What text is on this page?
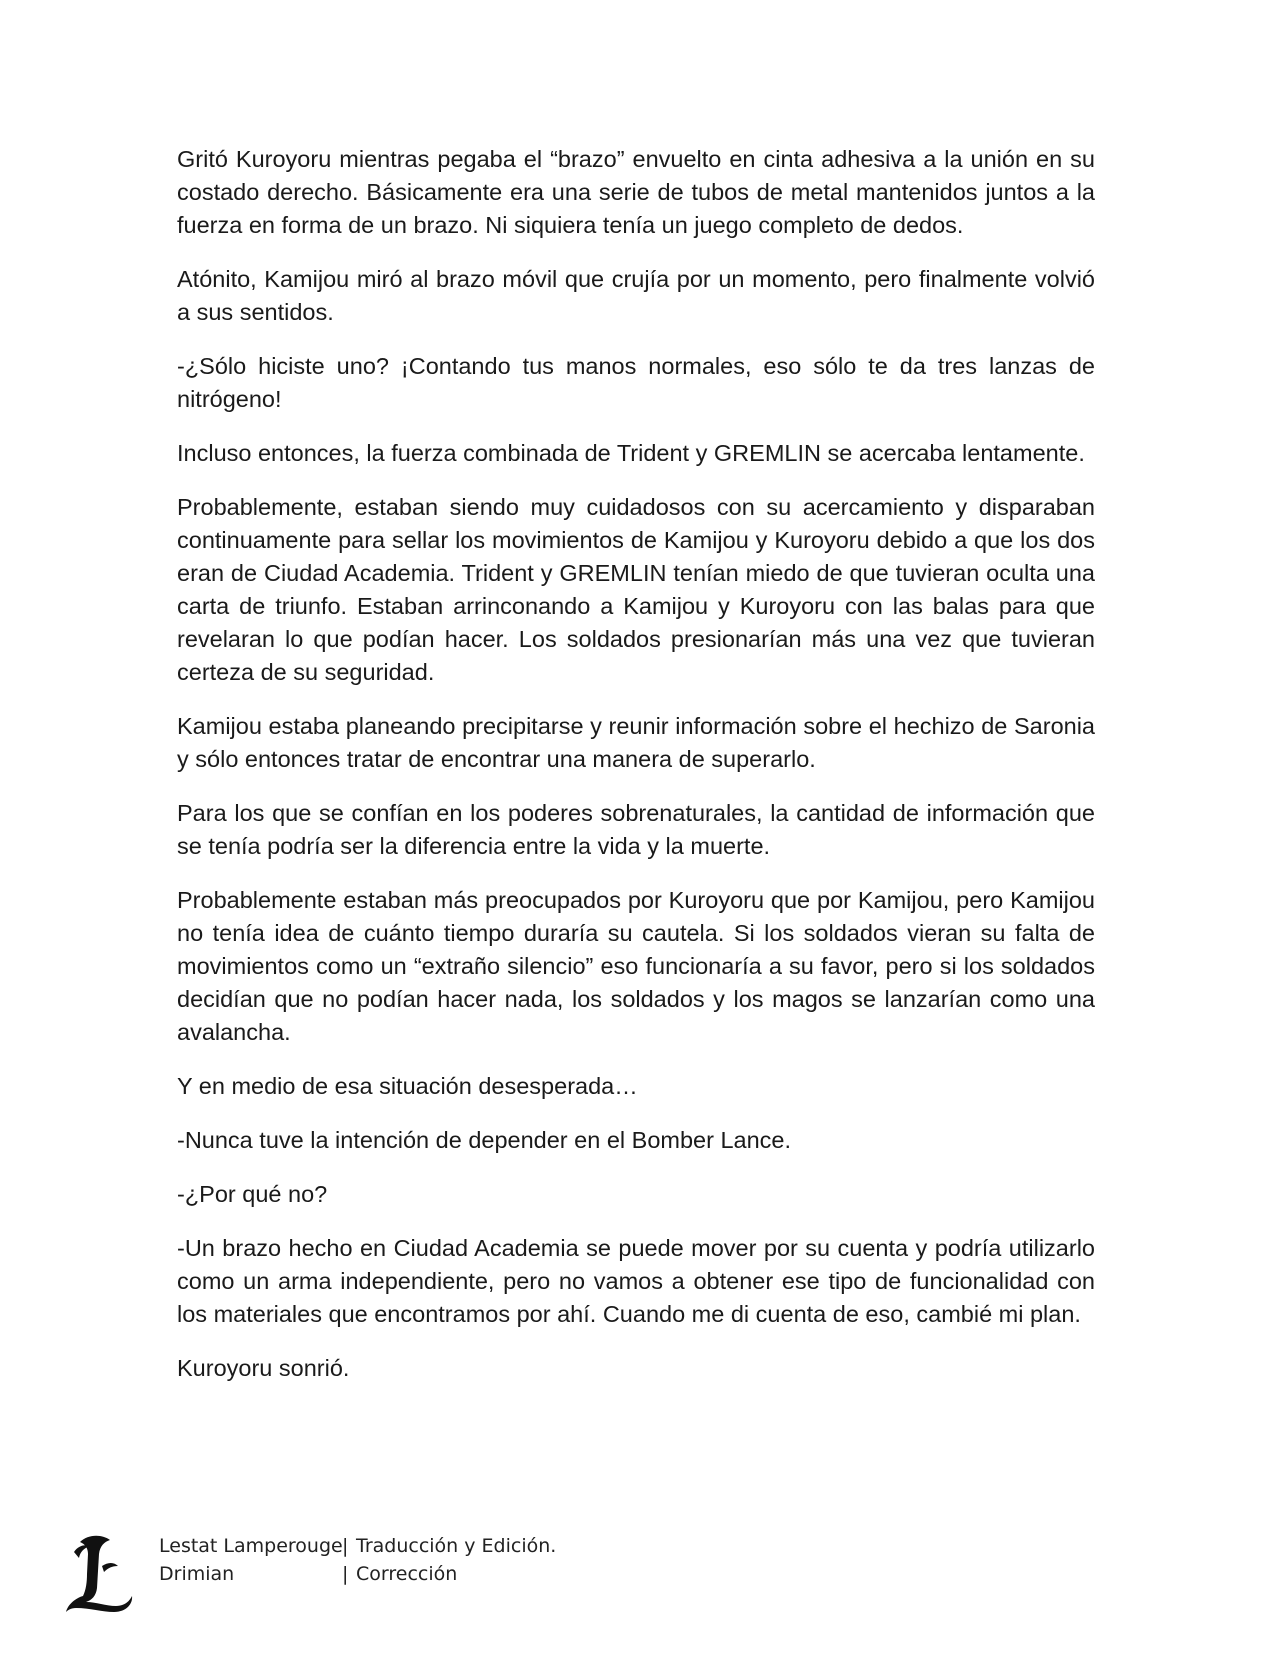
Gritó Kuroyoru mientras pegaba el “brazo” envuelto en cinta adhesiva a la unión en su costado derecho. Básicamente era una serie de tubos de metal mantenidos juntos a la fuerza en forma de un brazo. Ni siquiera tenía un juego completo de dedos.

Atónito, Kamijou miró al brazo móvil que crujía por un momento, pero finalmente volvió a sus sentidos.

-¿Sólo hiciste uno? ¡Contando tus manos normales, eso sólo te da tres lanzas de nitrógeno!

Incluso entonces, la fuerza combinada de Trident y GREMLIN se acercaba lentamente.

Probablemente, estaban siendo muy cuidadosos con su acercamiento y disparaban continuamente para sellar los movimientos de Kamijou y Kuroyoru debido a que los dos eran de Ciudad Academia. Trident y GREMLIN tenían miedo de que tuvieran oculta una carta de triunfo. Estaban arrinconando a Kamijou y Kuroyoru con las balas para que revelaran lo que podían hacer. Los soldados presionarían más una vez que tuvieran certeza de su seguridad.

Kamijou estaba planeando precipitarse y reunir información sobre el hechizo de Saronia y sólo entonces tratar de encontrar una manera de superarlo.

Para los que se confían en los poderes sobrenaturales, la cantidad de información que se tenía podría ser la diferencia entre la vida y la muerte.

Probablemente estaban más preocupados por Kuroyoru que por Kamijou, pero Kamijou no tenía idea de cuánto tiempo duraría su cautela. Si los soldados vieran su falta de movimientos como un “extraño silencio” eso funcionaría a su favor, pero si los soldados decidían que no podían hacer nada, los soldados y los magos se lanzarían como una avalancha.

Y en medio de esa situación desesperada…

-Nunca tuve la intención de depender en el Bomber Lance.

-¿Por qué no?

-Un brazo hecho en Ciudad Academia se puede mover por su cuenta y podría utilizarlo como un arma independiente, pero no vamos a obtener ese tipo de funcionalidad con los materiales que encontramos por ahí. Cuando me di cuenta de eso, cambié mi plan.

Kuroyoru sonrió.

Lestat Lamperouge | Traducción y Edición.
Drimian	| Corrección
